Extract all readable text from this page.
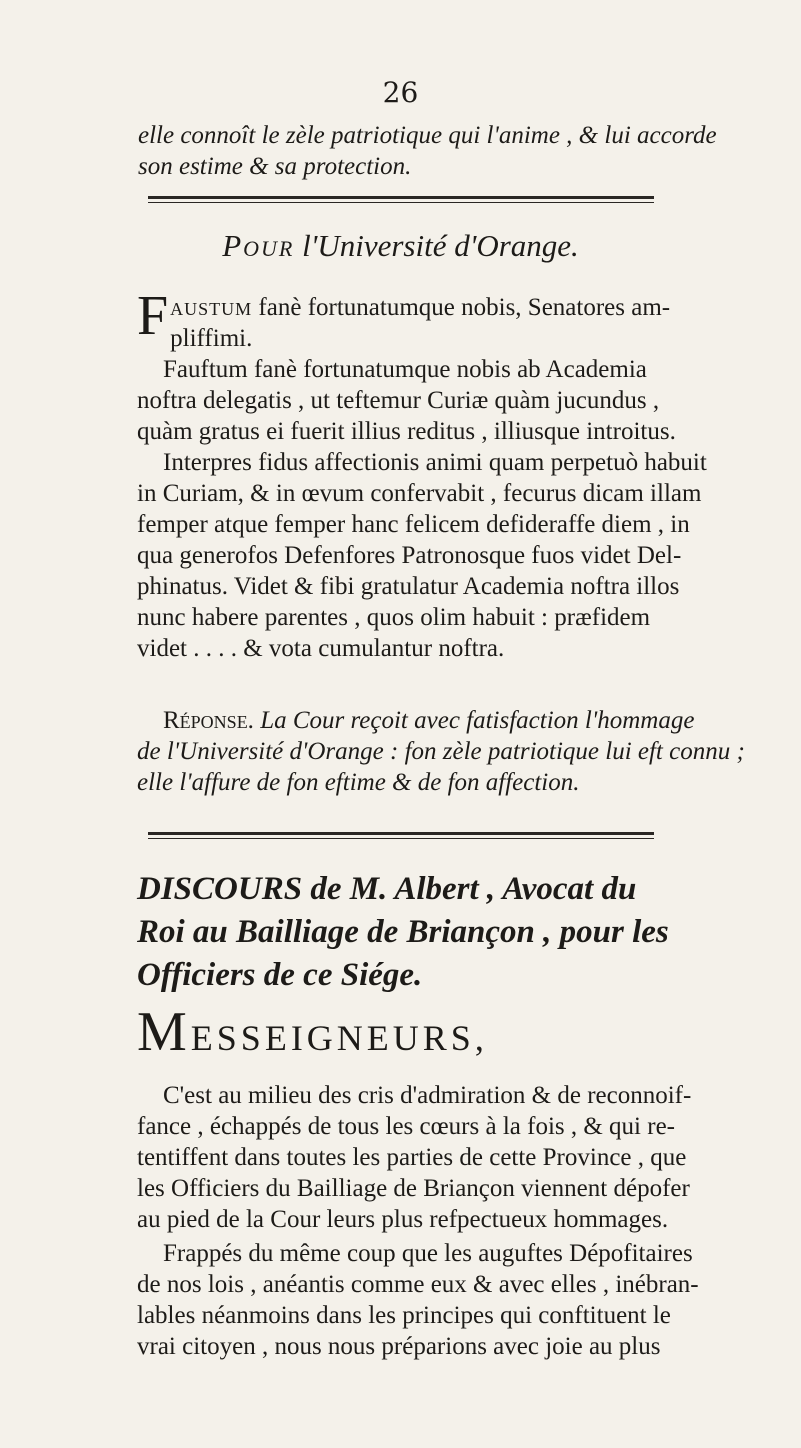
26
elle connoît le zèle patriotique qui l'anime , & lui accorde
son estime & sa protection.
Pour l'Université d'Orange.
F austum fanè fortunatumque nobis, Senatores am-
pliffimi.
Fauftum fanè fortunatumque nobis ab Academia
noftra delegatis , ut teftemur Curiæ quàm jucundus ,
quàm gratus ei fuerit illius reditus , illiusque introitus.
Interpres fidus affectionis animi quam perpetuò habuit
in Curiam, & in œvum confervabit , fecurus dicam illam
femper atque femper hanc felicem defideraffe diem , in
qua generofos Defenfores Patronosque fuos videt Del-
phinatus. Videt & fibi gratulatur Academia noftra illos
nunc habere parentes , quos olim habuit : præfidem
videt . . . . & vota cumulantur noftra.
Réponse. La Cour reçoit avec fatisfaction l'hommage
de l'Université d'Orange : fon zèle patriotique lui eft connu ;
elle l'affure de fon eftime & de fon affection.
DISCOURS de M. Albert , Avocat du
Roi au Bailliage de Briançon , pour les
Officiers de ce Siége.
MESSEIGNEURS,
C'est au milieu des cris d'admiration & de reconnoif-
fance , échappés de tous les cœurs à la fois , & qui re-
tentiffent dans toutes les parties de cette Province , que
les Officiers du Bailliage de Briançon viennent dépofer
au pied de la Cour leurs plus refpectueux hommages.
Frappés du même coup que les auguftes Dépofitaires
de nos lois , anéantis comme eux & avec elles , inébran-
lables néanmoins dans les principes qui conftituent le
vrai citoyen , nous nous préparions avec joie au plus
